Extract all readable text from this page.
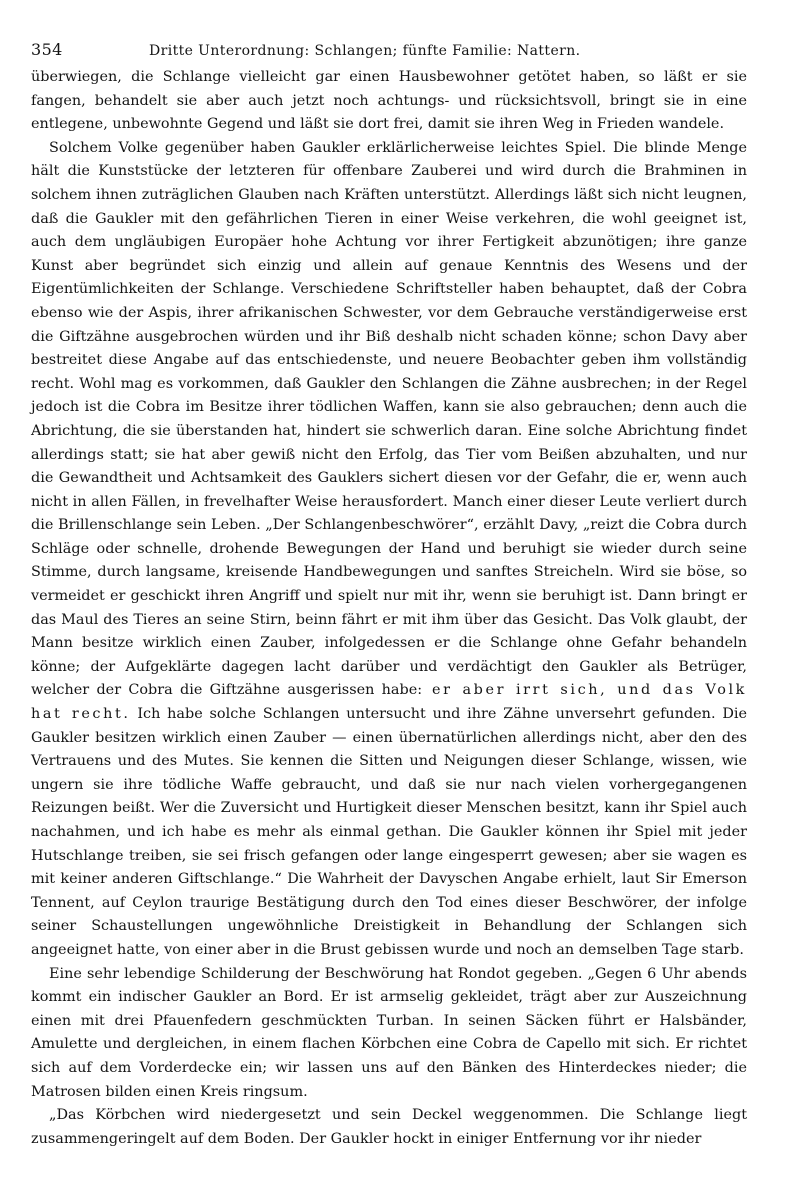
354	Dritte Unterordnung: Schlangen; fünfte Familie: Nattern.

überwiegen, die Schlange vielleicht gar einen Hausbewohner getötet haben, so läßt er sie fangen, behandelt sie aber auch jetzt noch achtungs- und rücksichtsvoll, bringt sie in eine entlegene, unbewohnte Gegend und läßt sie dort frei, damit sie ihren Weg in Frieden wandele.

Solchem Volke gegenüber haben Gaukler erklärlicherweise leichtes Spiel. Die blinde Menge hält die Kunststücke der letzteren für offenbare Zauberei und wird durch die Brahminen in solchem ihnen zuträglichen Glauben nach Kräften unterstützt. Allerdings läßt sich nicht leugnen, daß die Gaukler mit den gefährlichen Tieren in einer Weise verkehren, die wohl geeignet ist, auch dem ungläubigen Europäer hohe Achtung vor ihrer Fertigkeit abzunötigen; ihre ganze Kunst aber begründet sich einzig und allein auf genaue Kenntnis des Wesens und der Eigentümlichkeiten der Schlange. Verschiedene Schriftsteller haben behauptet, daß der Cobra ebenso wie der Aspis, ihrer afrikanischen Schwester, vor dem Gebrauche verständigerweise erst die Giftzähne ausgebrochen würden und ihr Biß deshalb nicht schaden könne; schon Davy aber bestreitet diese Angabe auf das entschiedenste, und neuere Beobachter geben ihm vollständig recht. Wohl mag es vorkommen, daß Gaukler den Schlangen die Zähne ausbrechen; in der Regel jedoch ist die Cobra im Besitze ihrer tödlichen Waffen, kann sie also gebrauchen; denn auch die Abrichtung, die sie überstanden hat, hindert sie schwerlich daran. Eine solche Abrichtung findet allerdings statt; sie hat aber gewiß nicht den Erfolg, das Tier vom Beißen abzuhalten, und nur die Gewandtheit und Achtsamkeit des Gauklers sichert diesen vor der Gefahr, die er, wenn auch nicht in allen Fällen, in frevelhafter Weise herausfordert. Manch einer dieser Leute verliert durch die Brillenschlange sein Leben. „Der Schlangenbeschwörer“, erzählt Davy, „reizt die Cobra durch Schläge oder schnelle, drohende Bewegungen der Hand und beruhigt sie wieder durch seine Stimme, durch langsame, kreisende Handbewegungen und sanftes Streicheln. Wird sie böse, so vermeidet er geschickt ihren Angriff und spielt nur mit ihr, wenn sie beruhigt ist. Dann bringt er das Maul des Tieres an seine Stirn, beinn fährt er mit ihm über das Gesicht. Das Volk glaubt, der Mann besitze wirklich einen Zauber, infolgedessen er die Schlange ohne Gefahr behandeln könne; der Aufgeklärte dagegen lacht darüber und verdächtigt den Gaukler als Betrüger, welcher der Cobra die Giftzähne ausgerissen habe: er aber irrt sich, und das Volk hat recht. Ich habe solche Schlangen untersucht und ihre Zähne unversehrt gefunden. Die Gaukler besitzen wirklich einen Zauber — einen übernatürlichen allerdings nicht, aber den des Vertrauens und des Mutes. Sie kennen die Sitten und Neigungen dieser Schlange, wissen, wie ungern sie ihre tödliche Waffe gebraucht, und daß sie nur nach vielen vorhergegangenen Reizungen beißt. Wer die Zuversicht und Hurtigkeit dieser Menschen besitzt, kann ihr Spiel auch nachahmen, und ich habe es mehr als einmal gethan. Die Gaukler können ihr Spiel mit jeder Hutschlange treiben, sie sei frisch gefangen oder lange eingesperrt gewesen; aber sie wagen es mit keiner anderen Giftschlange.“ Die Wahrheit der Davyschen Angabe erhielt, laut Sir Emerson Tennent, auf Ceylon traurige Bestätigung durch den Tod eines dieser Beschwörer, der infolge seiner Schaustellungen ungewöhnliche Dreistigkeit in Behandlung der Schlangen sich angeeignet hatte, von einer aber in die Brust gebissen wurde und noch an demselben Tage starb.

Eine sehr lebendige Schilderung der Beschwörung hat Rondot gegeben. „Gegen 6 Uhr abends kommt ein indischer Gaukler an Bord. Er ist armselig gekleidet, trägt aber zur Auszeichnung einen mit drei Pfauenfedern geschmückten Turban. In seinen Säcken führt er Halsbänder, Amulette und dergleichen, in einem flachen Körbchen eine Cobra de Capello mit sich. Er richtet sich auf dem Vorderdecke ein; wir lassen uns auf den Bänken des Hinterdeckes nieder; die Matrosen bilden einen Kreis ringsum.

„Das Körbchen wird niedergesetzt und sein Deckel weggenommen. Die Schlange liegt zusammengeringelt auf dem Boden. Der Gaukler hockt in einiger Entfernung vor ihr nieder
